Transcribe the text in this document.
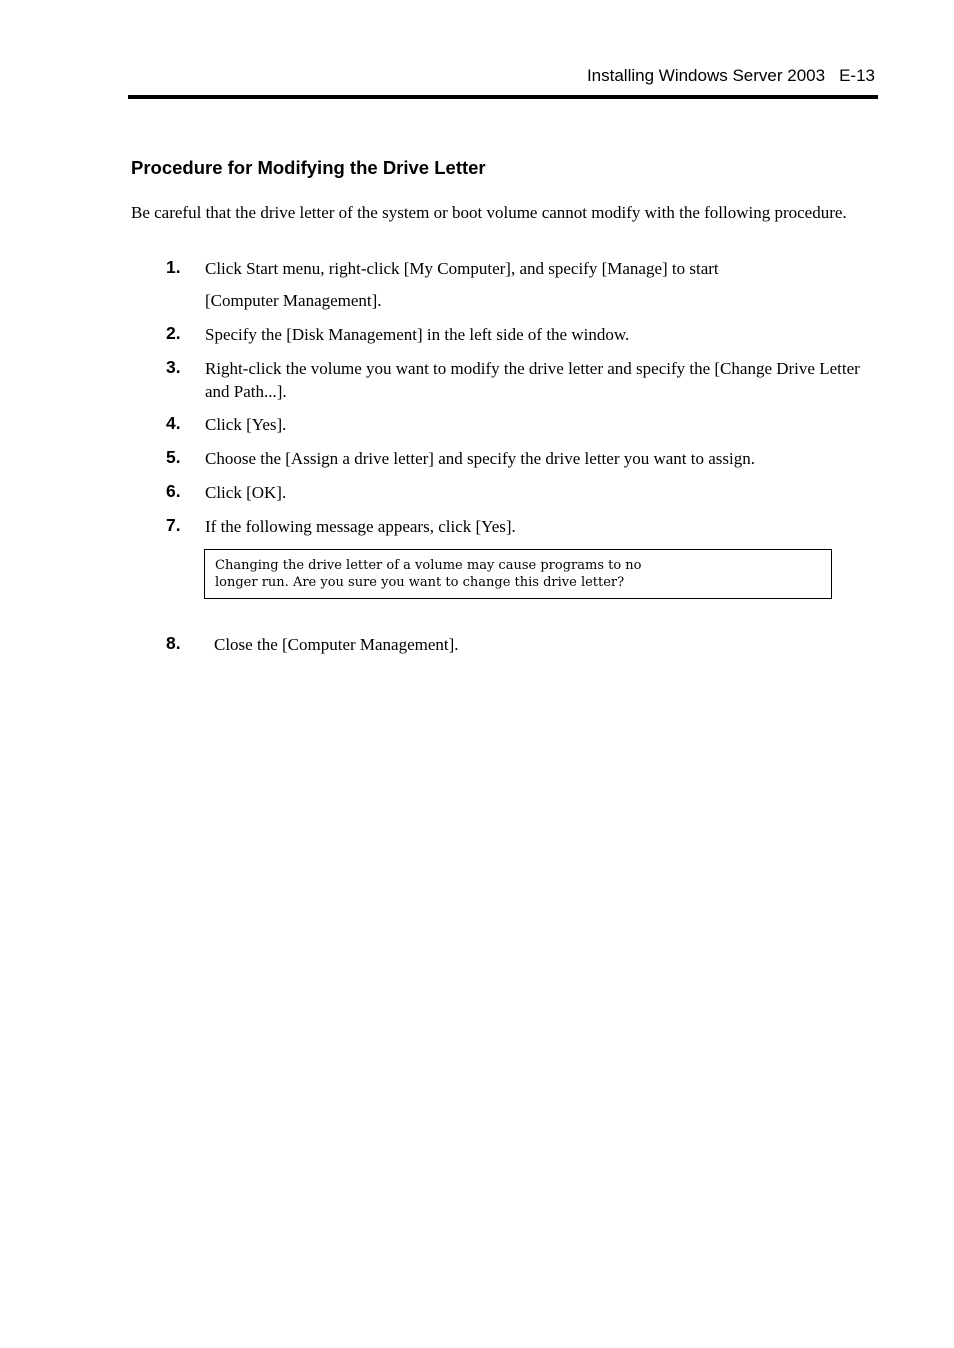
Installing Windows Server 2003 E-13
Procedure for Modifying the Drive Letter
Be careful that the drive letter of the system or boot volume cannot modify with the following procedure.
1. Click Start menu, right-click [My Computer], and specify [Manage] to start
[Computer Management].
2. Specify the [Disk Management] in the left side of the window.
3. Right-click the volume you want to modify the drive letter and specify the [Change Drive Letter and Path...].
4. Click [Yes].
5. Choose the [Assign a drive letter] and specify the drive letter you want to assign.
6. Click [OK].
7. If the following message appears, click [Yes].
Changing the drive letter of a volume may cause programs to no
longer run. Are you sure you want to change this drive letter?
8. Close the [Computer Management].
